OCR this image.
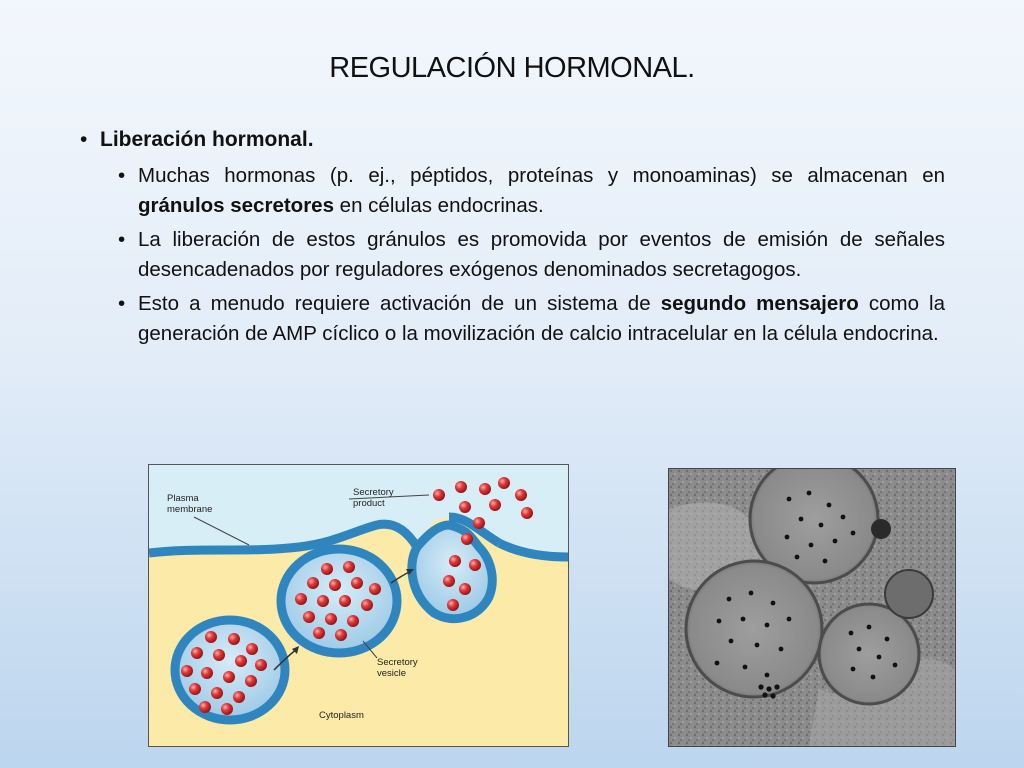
REGULACIÓN HORMONAL.
• Liberación hormonal.
• Muchas hormonas (p. ej., péptidos, proteínas y monoaminas) se almacenan en gránulos secretores en células endocrinas.
• La liberación de estos gránulos es promovida por eventos de emisión de señales desencadenados por reguladores exógenos denominados secretagogos.
• Esto a menudo requiere activación de un sistema de segundo mensajero como la generación de AMP cíclico o la movilización de calcio intracelular en la célula endocrina.
Plasma
membrane
Secretory
product
Secretory
vesicle
Cytoplasm
